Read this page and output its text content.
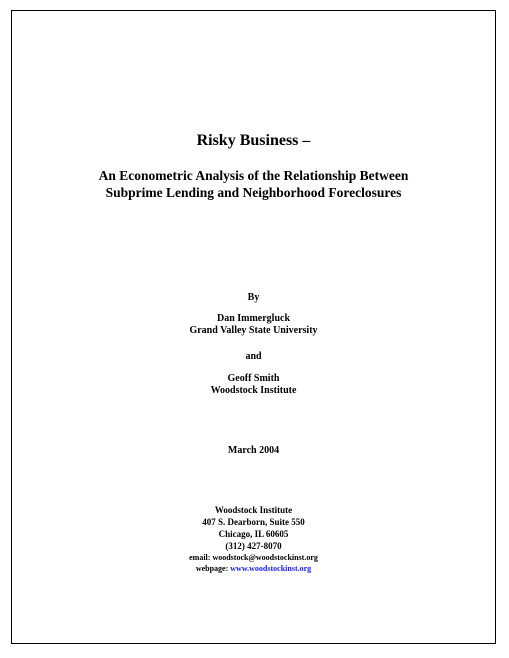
Risky Business –
An Econometric Analysis of the Relationship Between
Subprime Lending and Neighborhood Foreclosures
By
Dan Immergluck
Grand Valley State University
and
Geoff Smith
Woodstock Institute
March 2004
Woodstock Institute
407 S. Dearborn, Suite 550
Chicago, IL 60605
(312) 427-8070
email: woodstock@woodstockinst.org
webpage: www.woodstockinst.org
